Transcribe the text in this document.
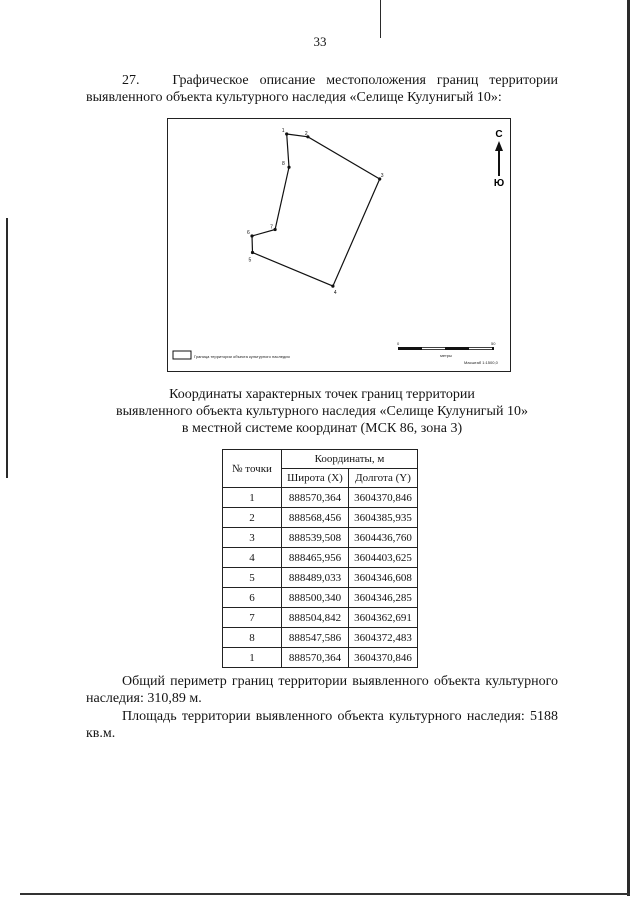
33
27. Графическое описание местоположения границ территории выявленного объекта культурного наследия «Селище Кулунигый 10»:
1	2
3
4
5
6
7
8
С
Ю
Граница территории объекта культурного наследия
0	50
метры
Масштаб 1:1500,0
Координаты характерных точек границ территории
выявленного объекта культурного наследия «Селище Кулунигый 10»
в местной системе координат (МСК 86, зона 3)
№ точки	Координаты, м	
	Широта (X)	Долгота (Y)
1	888570,364	3604370,846
2	888568,456	3604385,935
3	888539,508	3604436,760
4	888465,956	3604403,625
5	888489,033	3604346,608
6	888500,340	3604346,285
7	888504,842	3604362,691
8	888547,586	3604372,483
1	888570,364	3604370,846
Общий периметр границ территории выявленного объекта культурного наследия: 310,89 м.
Площадь территории выявленного объекта культурного наследия: 5188 кв.м.
